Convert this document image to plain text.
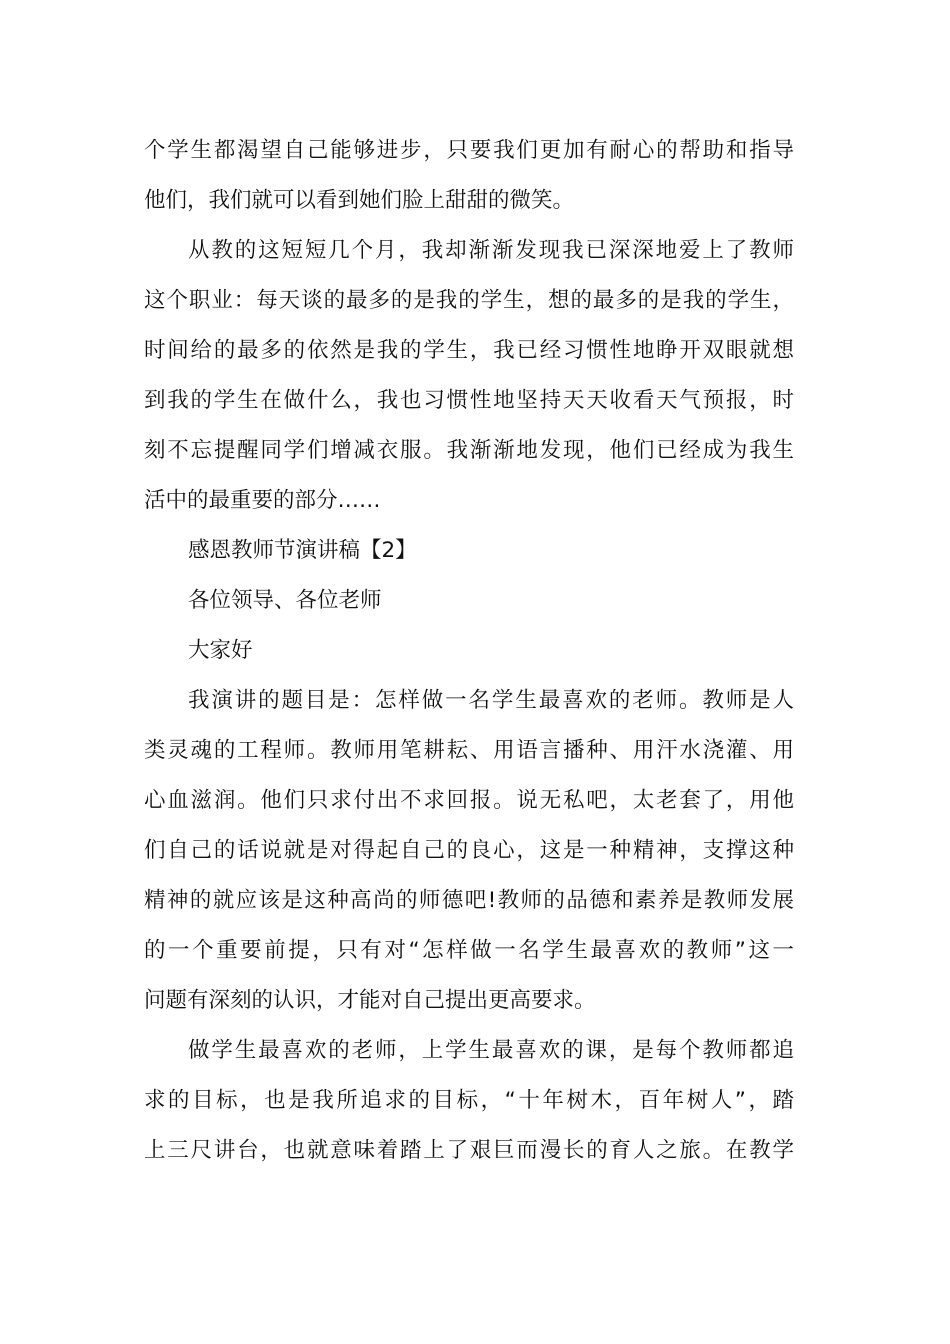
个学生都渴望自己能够进步，只要我们更加有耐心的帮助和指导
他们，我们就可以看到她们脸上甜甜的微笑。
从教的这短短几个月，我却渐渐发现我已深深地爱上了教师
这个职业：每天谈的最多的是我的学生，想的最多的是我的学生，
时间给的最多的依然是我的学生，我已经习惯性地睁开双眼就想
到我的学生在做什么，我也习惯性地坚持天天收看天气预报，时
刻不忘提醒同学们增减衣服。我渐渐地发现，他们已经成为我生
活中的最重要的部分……
感恩教师节演讲稿【2】
各位领导、各位老师
大家好
我演讲的题目是：怎样做一名学生最喜欢的老师。教师是人
类灵魂的工程师。教师用笔耕耘、用语言播种、用汗水浇灌、用
心血滋润。他们只求付出不求回报。说无私吧，太老套了，用他
们自己的话说就是对得起自己的良心，这是一种精神，支撑这种
精神的就应该是这种高尚的师德吧!教师的品德和素养是教师发展
的一个重要前提，只有对“怎样做一名学生最喜欢的教师”这一
问题有深刻的认识，才能对自己提出更高要求。
做学生最喜欢的老师，上学生最喜欢的课，是每个教师都追
求的目标，也是我所追求的目标，“十年树木，百年树人”，踏
上三尺讲台，也就意味着踏上了艰巨而漫长的育人之旅。在教学
